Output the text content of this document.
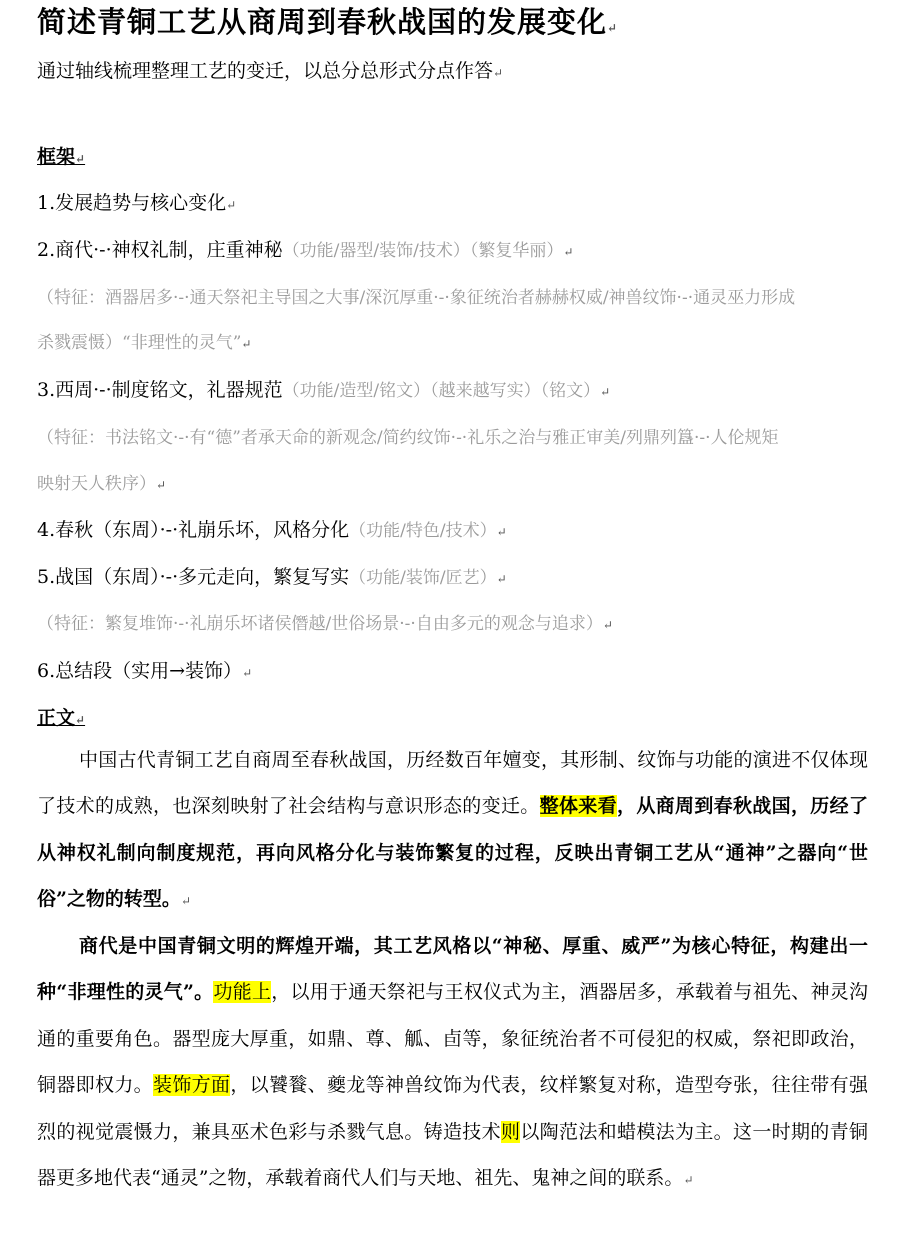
简述青铜工艺从商周到春秋战国的发展变化↵
通过轴线梳理整理工艺的变迁，以总分总形式分点作答↵
框架↵
1.发展趋势与核心变化↵
2.商代·-·神权礼制，庄重神秘（功能/器型/装饰/技术）（繁复华丽）↵
（特征：酒器居多·-·通天祭祀主导国之大事/深沉厚重·-·象征统治者赫赫权威/神兽纹饰·-·通灵巫力形成
杀戮震慑）“非理性的灵气”↵
3.西周·-·制度铭文，礼器规范（功能/造型/铭文）（越来越写实）（铭文）↵
（特征：书法铭文·-·有“德”者承天命的新观念/简约纹饰·-·礼乐之治与雅正审美/列鼎列簋·-·人伦规矩
映射天人秩序）↵
4.春秋（东周）·-·礼崩乐坏，风格分化（功能/特色/技术）↵
5.战国（东周）·-·多元走向，繁复写实（功能/装饰/匠艺）↵
（特征：繁复堆饰·-·礼崩乐坏诸侯僭越/世俗场景·-·自由多元的观念与追求）↵
6.总结段（实用→装饰）↵
正文↵
中国古代青铜工艺自商周至春秋战国，历经数百年嬗变，其形制、纹饰与功能的演进不仅体现了技术的成熟，也深刻映射了社会结构与意识形态的变迁。整体来看，从商周到春秋战国，历经了从神权礼制向制度规范，再向风格分化与装饰繁复的过程，反映出青铜工艺从“通神”之器向“世俗”之物的转型。↵
商代是中国青铜文明的辉煌开端，其工艺风格以“神秘、厚重、威严”为核心特征，构建出一种“非理性的灵气”。功能上，以用于通天祭祀与王权仪式为主，酒器居多，承载着与祖先、神灵沟通的重要角色。器型庞大厚重，如鼎、尊、觚、卣等，象征统治者不可侵犯的权威，祭祀即政治，铜器即权力。装饰方面，以饕餮、夔龙等神兽纹饰为代表，纹样繁复对称，造型夸张，往往带有强烈的视觉震慑力，兼具巫术色彩与杀戮气息。铸造技术则以陶范法和蜡模法为主。这一时期的青铜器更多地代表“通灵”之物，承载着商代人们与天地、祖先、鬼神之间的联系。↵
